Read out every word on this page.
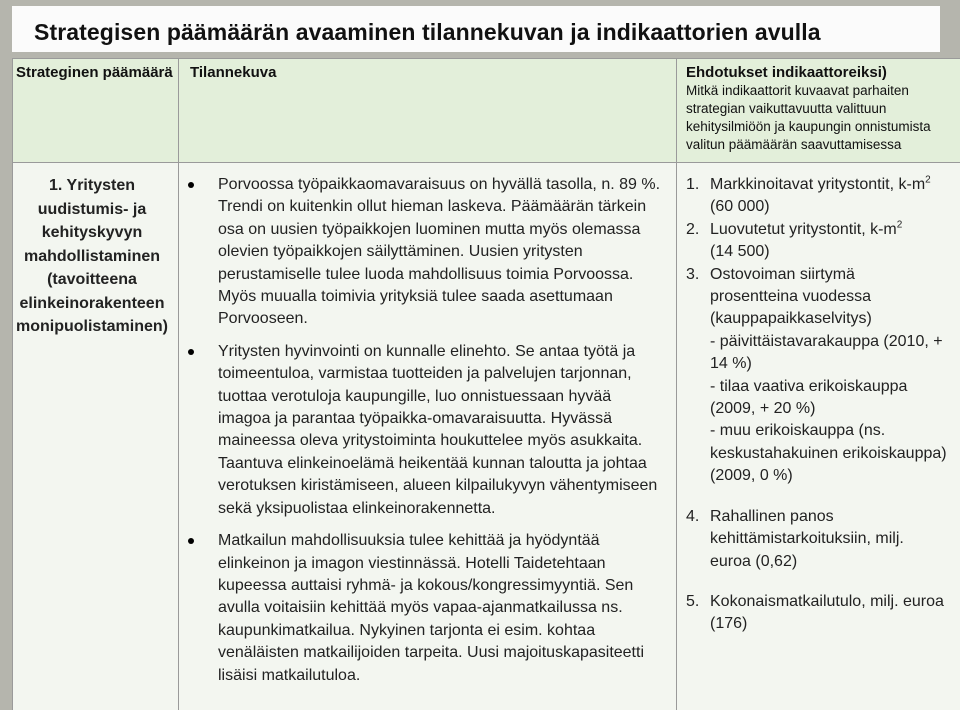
Strategisen päämäärän avaaminen tilannekuvan ja indikaattorien avulla
Strateginen päämäärä Tilannekuva	Ehdotukset indikaattoreiksi)
Mitkä indikaattorit kuvaavat parhaiten strategian vaikuttavuutta valittuun kehitysilmiöön ja kaupungin onnistumista valitun päämäärän saavuttamisessa
1. Yritysten uudistumis- ja kehityskyvyn mahdollistaminen (tavoitteena elinkeinorakenteen monipuolistaminen)
Porvoossa työpaikkaomavaraisuus on hyvällä tasolla, n. 89 %. Trendi on kuitenkin ollut hieman laskeva. Päämäärän tärkein osa on uusien työpaikkojen luominen mutta myös olemassa olevien työpaikkojen säilyttäminen. Uusien yritysten perustamiselle tulee luoda mahdollisuus toimia Porvoossa. Myös muualla toimivia yrityksiä tulee saada asettumaan Porvooseen.
Yritysten hyvinvointi on kunnalle elinehto. Se antaa työtä ja toimeentuloa, varmistaa tuotteiden ja palvelujen tarjonnan, tuottaa verotuloja kaupungille, luo onnistuessaan hyvää imagoa ja parantaa työpaikka-omavaraisuutta. Hyvässä maineessa oleva yritystoiminta houkuttelee myös asukkaita. Taantuva elinkeinoelämä heikentää kunnan taloutta ja johtaa verotuksen kiristämiseen, alueen kilpailukyvyn vähentymiseen sekä yksipuolistaa elinkeinorakennetta.
Matkailun mahdollisuuksia tulee kehittää ja hyödyntää elinkeinon ja imagon viestinnässä. Hotelli Taidetehtaan kupeessa auttaisi ryhmä- ja kokous/kongressimyyntiä. Sen avulla voitaisiin kehittää myös vapaa-ajanmatkailussa ns. kaupunkimatkailua. Nykyinen tarjonta ei esim. kohtaa venäläisten matkailijoiden tarpeita. Uusi majoituskapasiteetti lisäisi matkailutuloa.
1. Markkinoitavat yritystontit, $k-m^2$
(60 000)
2. Luovutetut yritystontit, $k-m^2$
(14 500)
3. Ostovoiman siirtymä
prosentteina vuodessa
(kauppapaikkaselvitys)
- päivittäistavarakauppa (2010, +
14 %)
- tilaa vaativa erikoiskauppa
(2009, + 20 %)
- muu erikoiskauppa (ns.
keskustahakuinen erikoiskauppa)
(2009, 0 %)
4. Rahallinen panos
kehittämistarkoituksiin, milj.
euroa (0,62)
5. Kokonaismatkailutulo, milj. euroa
(176)
